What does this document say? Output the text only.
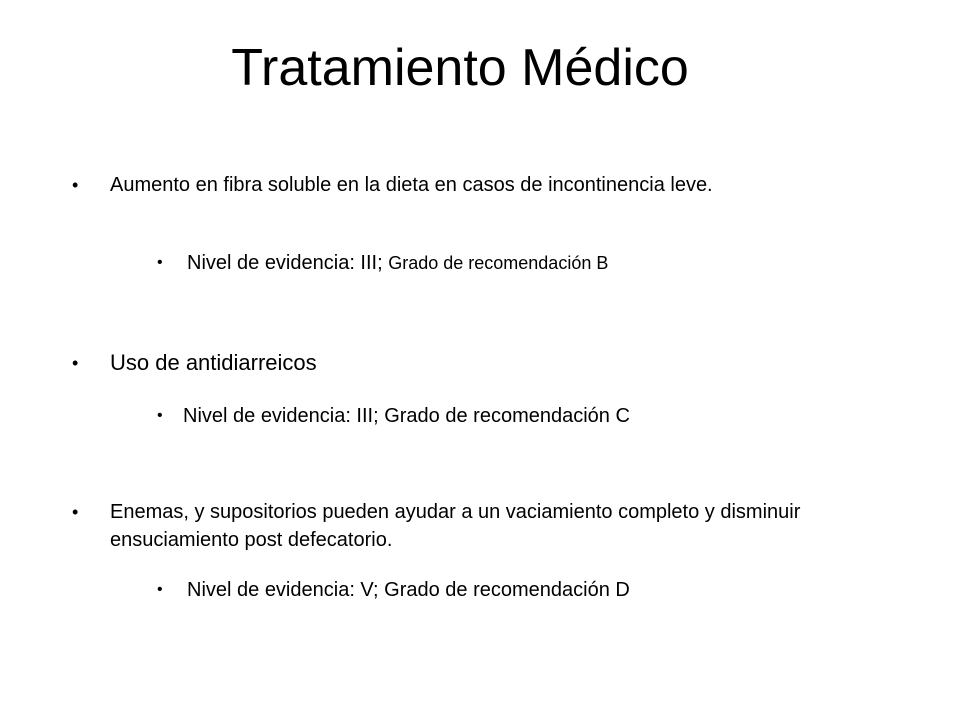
Tratamiento Médico
•	Aumento en fibra soluble en la dieta en casos de incontinencia leve.
•	Nivel de evidencia: III; Grado de recomendación B
•	Uso de antidiarreicos
•	Nivel de evidencia: III; Grado de recomendación C
•	Enemas, y supositorios pueden ayudar a un vaciamiento completo y disminuir ensuciamiento post defecatorio.
•	Nivel de evidencia: V; Grado de recomendación D
